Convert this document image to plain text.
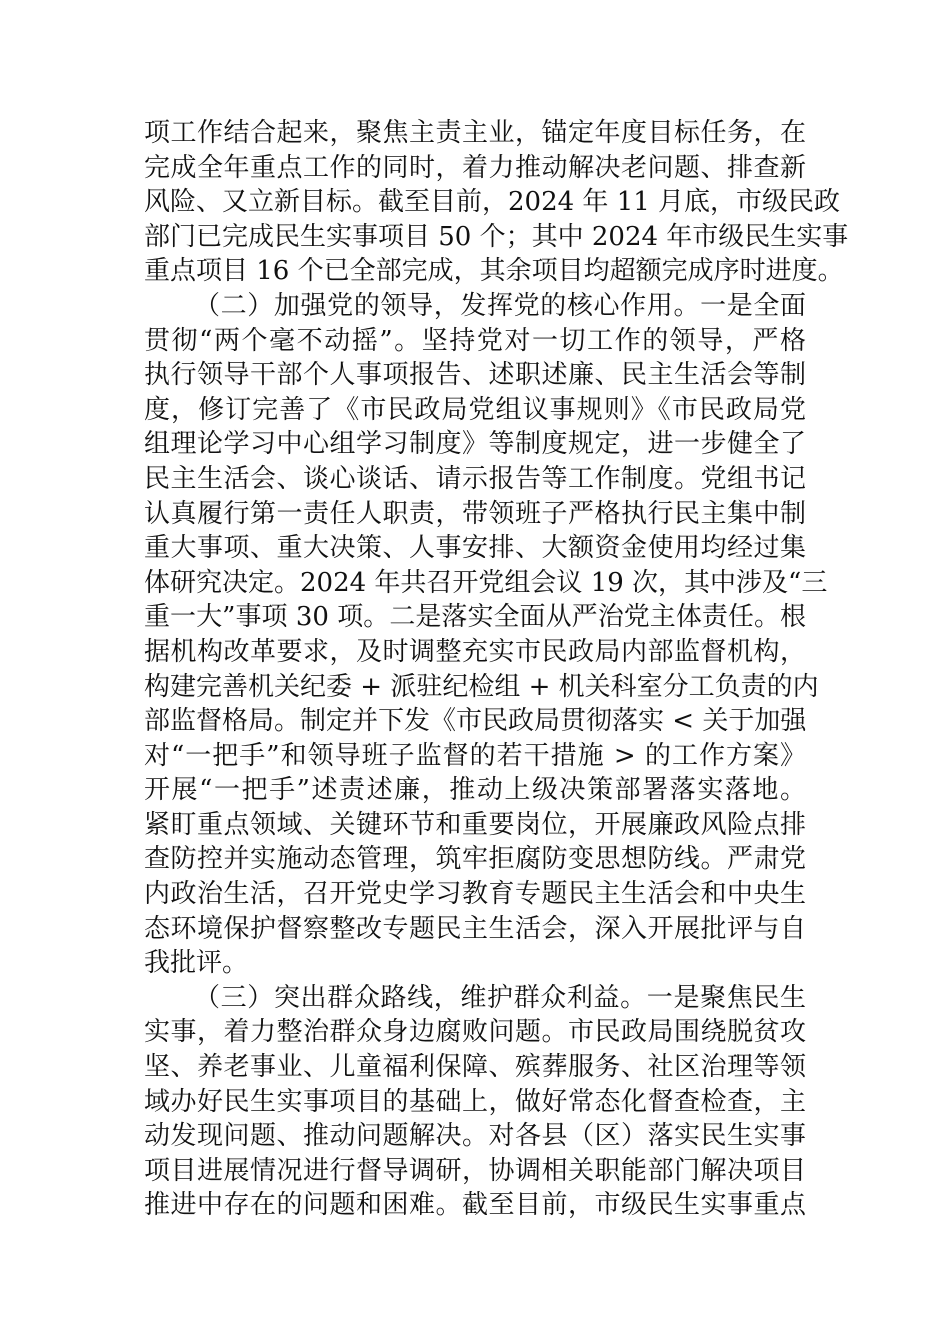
项工作结合起来，聚焦主责主业，锚定年度目标任务，在
完成全年重点工作的同时，着力推动解决老问题、排查新
风险、又立新目标。截至目前，2024 年 11 月底，市级民政
部门已完成民生实事项目 50 个；其中 2024 年市级民生实事
重点项目 16 个已全部完成，其余项目均超额完成序时进度。
（二）加强党的领导，发挥党的核心作用。一是全面
贯彻“两个毫不动摇”。坚持党对一切工作的领导，严格
执行领导干部个人事项报告、述职述廉、民主生活会等制
度，修订完善了《市民政局党组议事规则》《市民政局党
组理论学习中心组学习制度》等制度规定，进一步健全了
民主生活会、谈心谈话、请示报告等工作制度。党组书记
认真履行第一责任人职责，带领班子严格执行民主集中制
重大事项、重大决策、人事安排、大额资金使用均经过集
体研究决定。2024 年共召开党组会议 19 次，其中涉及“三
重一大”事项 30 项。二是落实全面从严治党主体责任。根
据机构改革要求，及时调整充实市民政局内部监督机构，
构建完善机关纪委 + 派驻纪检组 + 机关科室分工负责的内
部监督格局。制定并下发《市民政局贯彻落实 < 关于加强
对“一把手”和领导班子监督的若干措施 > 的工作方案》
开展“一把手”述责述廉，推动上级决策部署落实落地。
紧盯重点领域、关键环节和重要岗位，开展廉政风险点排
查防控并实施动态管理，筑牢拒腐防变思想防线。严肃党
内政治生活，召开党史学习教育专题民主生活会和中央生
态环境保护督察整改专题民主生活会，深入开展批评与自
我批评。
（三）突出群众路线，维护群众利益。一是聚焦民生
实事，着力整治群众身边腐败问题。市民政局围绕脱贫攻
坚、养老事业、儿童福利保障、殡葬服务、社区治理等领
域办好民生实事项目的基础上，做好常态化督查检查，主
动发现问题、推动问题解决。对各县（区）落实民生实事
项目进展情况进行督导调研，协调相关职能部门解决项目
推进中存在的问题和困难。截至目前，市级民生实事重点
